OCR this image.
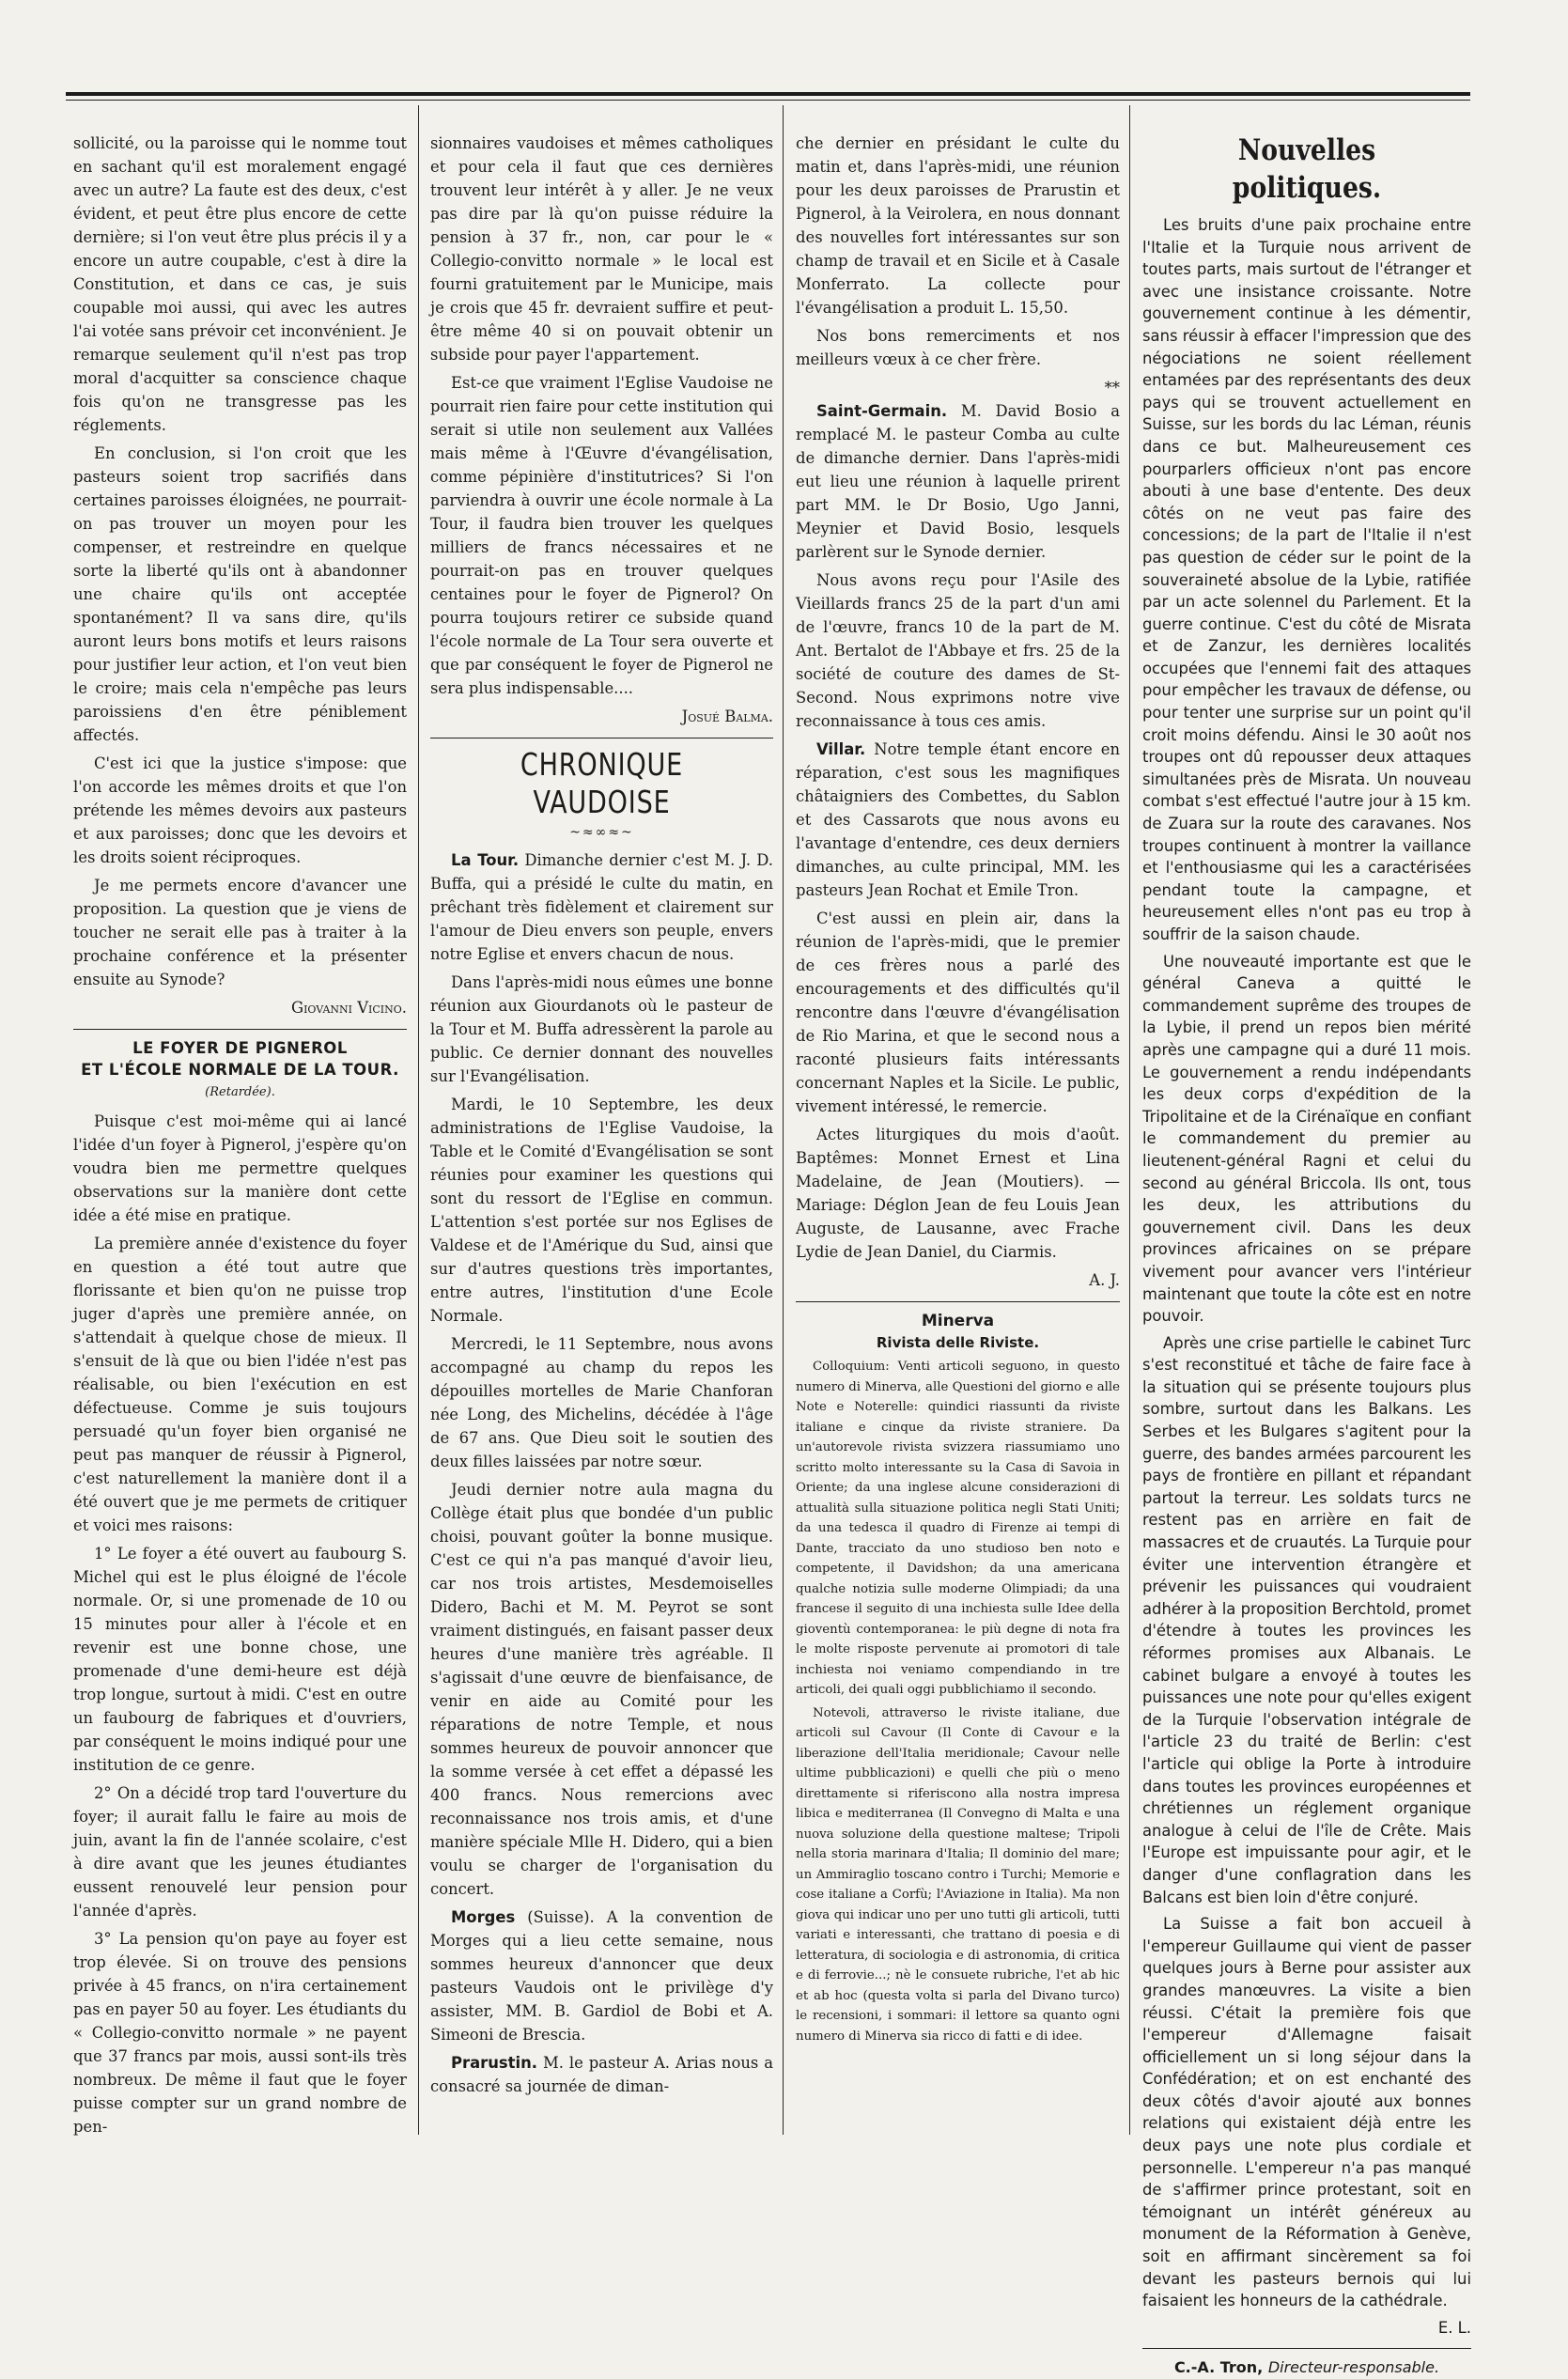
sollicité, ou la paroisse qui le nomme tout en sachant qu'il est moralement engagé avec un autre? La faute est des deux, c'est évident, et peut être plus encore de cette dernière; si l'on veut être plus précis il y a encore un autre coupable, c'est à dire la Constitution, et dans ce cas, je suis coupable moi aussi, qui avec les autres l'ai votée sans prévoir cet inconvénient. Je remarque seulement qu'il n'est pas trop moral d'acquitter sa conscience chaque fois qu'on ne transgresse pas les réglements.

En conclusion, si l'on croit que les pasteurs soient trop sacrifiés dans certaines paroisses éloignées, ne pourrait-on pas trouver un moyen pour les compenser, et restreindre en quelque sorte la liberté qu'ils ont à abandonner une chaire qu'ils ont acceptée spontanément? Il va sans dire, qu'ils auront leurs bons motifs et leurs raisons pour justifier leur action, et l'on veut bien le croire; mais cela n'empêche pas leurs paroissiens d'en être péniblement affectés.

C'est ici que la justice s'impose: que l'on accorde les mêmes droits et que l'on prétende les mêmes devoirs aux pasteurs et aux paroisses; donc que les devoirs et les droits soient réciproques.

Je me permets encore d'avancer une proposition. La question que je viens de toucher ne serait elle pas à traiter à la prochaine conférence et la présenter ensuite au Synode?

Giovanni Vicino.
LE FOYER DE PIGNEROL
ET L'ÉCOLE NORMALE DE LA TOUR.
(Retardée).

Puisque c'est moi-même qui ai lancé l'idée d'un foyer à Pignerol, j'espère qu'on voudra bien me permettre quelques observations sur la manière dont cette idée a été mise en pratique.

La première année d'existence du foyer en question a été tout autre que florissante et bien qu'on ne puisse trop juger d'après une première année, on s'attendait à quelque chose de mieux. Il s'ensuit de là que ou bien l'idée n'est pas réalisable, ou bien l'exécution en est défectueuse. Comme je suis toujours persuadé qu'un foyer bien organisé ne peut pas manquer de réussir à Pignerol, c'est naturellement la manière dont il a été ouvert que je me permets de critiquer et voici mes raisons:

1° Le foyer a été ouvert au faubourg S. Michel qui est le plus éloigné de l'école normale. Or, si une promenade de 10 ou 15 minutes pour aller à l'école et en revenir est une bonne chose, une promenade d'une demi-heure est déjà trop longue, surtout à midi. C'est en outre un faubourg de fabriques et d'ouvriers, par conséquent le moins indiqué pour une institution de ce genre.

2° On a décidé trop tard l'ouverture du foyer; il aurait fallu le faire au mois de juin, avant la fin de l'année scolaire, c'est à dire avant que les jeunes étudiantes eussent renouvelé leur pension pour l'année d'après.

3° La pension qu'on paye au foyer est trop élevée. Si on trouve des pensions privée à 45 francs, on n'ira certainement pas en payer 50 au foyer. Les étudiants du « Collegio-convitto normale » ne payent que 37 francs par mois, aussi sont-ils très nombreux. De même il faut que le foyer puisse compter sur un grand nombre de pen-

sionnaires vaudoises et mêmes catholiques et pour cela il faut que ces dernières trouvent leur intérêt à y aller. Je ne veux pas dire par là qu'on puisse réduire la pension à 37 fr., non, car pour le « Collegio-convitto normale » le local est fourni gratuitement par le Municipe, mais je crois que 45 fr. devraient suffire et peut-être même 40 si on pouvait obtenir un subside pour payer l'appartement.

Est-ce que vraiment l'Eglise Vaudoise ne pourrait rien faire pour cette institution qui serait si utile non seulement aux Vallées mais même à l'Œuvre d'évangélisation, comme pépinière d'institutrices? Si l'on parviendra à ouvrir une école normale à La Tour, il faudra bien trouver les quelques milliers de francs nécessaires et ne pourrait-on pas en trouver quelques centaines pour le foyer de Pignerol? On pourra toujours retirer ce subside quand l'école normale de La Tour sera ouverte et que par conséquent le foyer de Pignerol ne sera plus indispensable....

Josué Balma.
CHRONIQUE VAUDOISE
~≈∞≈~

La Tour. Dimanche dernier c'est M. J. D. Buffa, qui a présidé le culte du matin, en prêchant très fidèlement et clairement sur l'amour de Dieu envers son peuple, envers notre Eglise et envers chacun de nous.

Dans l'après-midi nous eûmes une bonne réunion aux Giourdanots où le pasteur de la Tour et M. Buffa adressèrent la parole au public. Ce dernier donnant des nouvelles sur l'Evangélisation.

Mardi, le 10 Septembre, les deux administrations de l'Eglise Vaudoise, la Table et le Comité d'Evangélisation se sont réunies pour examiner les questions qui sont du ressort de l'Eglise en commun. L'attention s'est portée sur nos Eglises de Valdese et de l'Amérique du Sud, ainsi que sur d'autres questions très importantes, entre autres, l'institution d'une Ecole Normale.

Mercredi, le 11 Septembre, nous avons accompagné au champ du repos les dépouilles mortelles de Marie Chanforan née Long, des Michelins, décédée à l'âge de 67 ans. Que Dieu soit le soutien des deux filles laissées par notre sœur.

Jeudi dernier notre aula magna du Collège était plus que bondée d'un public choisi, pouvant goûter la bonne musique. C'est ce qui n'a pas manqué d'avoir lieu, car nos trois artistes, Mesdemoiselles Didero, Bachi et M. M. Peyrot se sont vraiment distingués, en faisant passer deux heures d'une manière très agréable. Il s'agissait d'une œuvre de bienfaisance, de venir en aide au Comité pour les réparations de notre Temple, et nous sommes heureux de pouvoir annoncer que la somme versée à cet effet a dépassé les 400 francs. Nous remercions avec reconnaissance nos trois amis, et d'une manière spéciale Mlle H. Didero, qui a bien voulu se charger de l'organisation du concert.

Morges (Suisse). A la convention de Morges qui a lieu cette semaine, nous sommes heureux d'annoncer que deux pasteurs Vaudois ont le privilège d'y assister, MM. B. Gardiol de Bobi et A. Simeoni de Brescia.

Prarustin. M. le pasteur A. Arias nous a consacré sa journée de diman-

che dernier en présidant le culte du matin et, dans l'après-midi, une réunion pour les deux paroisses de Prarustin et Pignerol, à la Veirolera, en nous donnant des nouvelles fort intéressantes sur son champ de travail et en Sicile et à Casale Monferrato. La collecte pour l'évangélisation a produit L. 15,50.

Nos bons remerciments et nos meilleurs vœux à ce cher frère.

**

Saint-Germain. M. David Bosio a remplacé M. le pasteur Comba au culte de dimanche dernier. Dans l'après-midi eut lieu une réunion à laquelle prirent part MM. le Dr Bosio, Ugo Janni, Meynier et David Bosio, lesquels parlèrent sur le Synode dernier.

Nous avons reçu pour l'Asile des Vieillards francs 25 de la part d'un ami de l'œuvre, francs 10 de la part de M. Ant. Bertalot de l'Abbaye et frs. 25 de la société de couture des dames de St-Second. Nous exprimons notre vive reconnaissance à tous ces amis.

Villar. Notre temple étant encore en réparation, c'est sous les magnifiques châtaigniers des Combettes, du Sablon et des Cassarots que nous avons eu l'avantage d'entendre, ces deux derniers dimanches, au culte principal, MM. les pasteurs Jean Rochat et Emile Tron.

C'est aussi en plein air, dans la réunion de l'après-midi, que le premier de ces frères nous a parlé des encouragements et des difficultés qu'il rencontre dans l'œuvre d'évangélisation de Rio Marina, et que le second nous a raconté plusieurs faits intéressants concernant Naples et la Sicile. Le public, vivement intéressé, le remercie.

Actes liturgiques du mois d'août. Baptêmes: Monnet Ernest et Lina Madelaine, de Jean (Moutiers). — Mariage: Déglon Jean de feu Louis Jean Auguste, de Lausanne, avec Frache Lydie de Jean Daniel, du Ciarmis.

A. J.
Minerva
Rivista delle Riviste.

Colloquium: Venti articoli seguono, in questo numero di Minerva, alle Questioni del giorno e alle Note e Noterelle: quindici riassunti da riviste italiane e cinque da riviste straniere. Da un'autorevole rivista svizzera riassumiamo uno scritto molto interessante su la Casa di Savoia in Oriente; da una inglese alcune considerazioni di attualità sulla situazione politica negli Stati Uniti; da una tedesca il quadro di Firenze ai tempi di Dante, tracciato da uno studioso ben noto e competente, il Davidshon; da una americana qualche notizia sulle moderne Olimpiadi; da una francese il seguito di una inchiesta sulle Idee della gioventù contemporanea: le più degne di nota fra le molte risposte pervenute ai promotori di tale inchiesta noi veniamo compendiando in tre articoli, dei quali oggi pubblichiamo il secondo.

Notevoli, attraverso le riviste italiane, due articoli sul Cavour (Il Conte di Cavour e la liberazione dell'Italia meridionale; Cavour nelle ultime pubblicazioni) e quelli che più o meno direttamente si riferiscono alla nostra impresa libica e mediterranea (Il Convegno di Malta e una nuova soluzione della questione maltese; Tripoli nella storia marinara d'Italia; Il dominio del mare; un Ammiraglio toscano contro i Turchi; Memorie e cose italiane a Corfù; l'Aviazione in Italia). Ma non giova qui indicar uno per uno tutti gli articoli, tutti variati e interessanti, che trattano di poesia e di letteratura, di sociologia e di astronomia, di critica e di ferrovie...; nè le consuete rubriche, l'et ab hic et ab hoc (questa volta si parla del Divano turco) le recensioni, i sommari: il lettore sa quanto ogni numero di Minerva sia ricco di fatti e di idee.

Nouvelles politiques.

Les bruits d'une paix prochaine entre l'Italie et la Turquie nous arrivent de toutes parts, mais surtout de l'étranger et avec une insistance croissante. Notre gouvernement continue à les démentir, sans réussir à effacer l'impression que des négociations ne soient réellement entamées par des représentants des deux pays qui se trouvent actuellement en Suisse, sur les bords du lac Léman, réunis dans ce but. Malheureusement ces pourparlers officieux n'ont pas encore abouti à une base d'entente. Des deux côtés on ne veut pas faire des concessions; de la part de l'Italie il n'est pas question de céder sur le point de la souveraineté absolue de la Lybie, ratifiée par un acte solennel du Parlement. Et la guerre continue. C'est du côté de Misrata et de Zanzur, les dernières localités occupées que l'ennemi fait des attaques pour empêcher les travaux de défense, ou pour tenter une surprise sur un point qu'il croit moins défendu. Ainsi le 30 août nos troupes ont dû repousser deux attaques simultanées près de Misrata. Un nouveau combat s'est effectué l'autre jour à 15 km. de Zuara sur la route des caravanes. Nos troupes continuent à montrer la vaillance et l'enthousiasme qui les a caractérisées pendant toute la campagne, et heureusement elles n'ont pas eu trop à souffrir de la saison chaude.

Une nouveauté importante est que le général Caneva a quitté le commandement suprême des troupes de la Lybie, il prend un repos bien mérité après une campagne qui a duré 11 mois. Le gouvernement a rendu indépendants les deux corps d'expédition de la Tripolitaine et de la Cirénaïque en confiant le commandement du premier au lieutenent-général Ragni et celui du second au général Briccola. Ils ont, tous les deux, les attributions du gouvernement civil. Dans les deux provinces africaines on se prépare vivement pour avancer vers l'intérieur maintenant que toute la côte est en notre pouvoir.

Après une crise partielle le cabinet Turc s'est reconstitué et tâche de faire face à la situation qui se présente toujours plus sombre, surtout dans les Balkans. Les Serbes et les Bulgares s'agitent pour la guerre, des bandes armées parcourent les pays de frontière en pillant et répandant partout la terreur. Les soldats turcs ne restent pas en arrière en fait de massacres et de cruautés. La Turquie pour éviter une intervention étrangère et prévenir les puissances qui voudraient adhérer à la proposition Berchtold, promet d'étendre à toutes les provinces les réformes promises aux Albanais. Le cabinet bulgare a envoyé à toutes les puissances une note pour qu'elles exigent de la Turquie l'observation intégrale de l'article 23 du traité de Berlin: c'est l'article qui oblige la Porte à introduire dans toutes les provinces européennes et chrétiennes un réglement organique analogue à celui de l'île de Crête. Mais l'Europe est impuissante pour agir, et le danger d'une conflagration dans les Balcans est bien loin d'être conjuré.

La Suisse a fait bon accueil à l'empereur Guillaume qui vient de passer quelques jours à Berne pour assister aux grandes manœuvres. La visite a bien réussi. C'était la première fois que l'empereur d'Allemagne faisait officiellement un si long séjour dans la Confédération; et on est enchanté des deux côtés d'avoir ajouté aux bonnes relations qui existaient déjà entre les deux pays une note plus cordiale et personnelle. L'empereur n'a pas manqué de s'affirmer prince protestant, soit en témoignant un intérêt généreux au monument de la Réformation à Genève, soit en affirmant sincèrement sa foi devant les pasteurs bernois qui lui faisaient les honneurs de la cathédrale.

E. L.
C.-A. Tron, Directeur-responsable.
